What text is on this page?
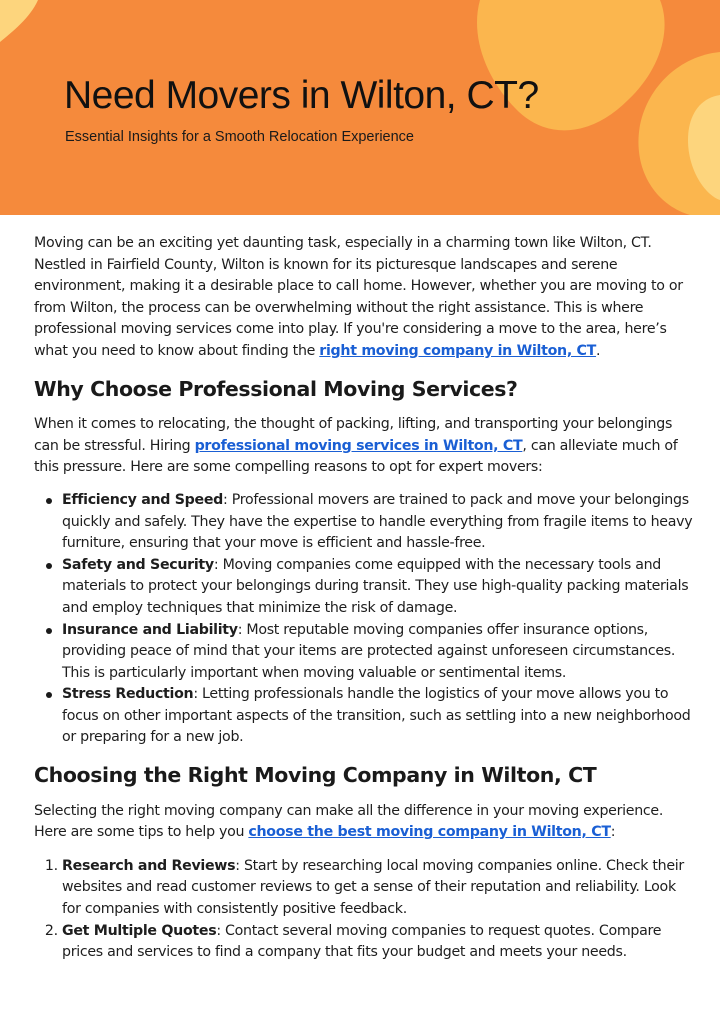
Need Movers in Wilton, CT?

Essential Insights for a Smooth Relocation Experience

Moving can be an exciting yet daunting task, especially in a charming town like Wilton, CT. Nestled in Fairfield County, Wilton is known for its picturesque landscapes and serene environment, making it a desirable place to call home. However, whether you are moving to or from Wilton, the process can be overwhelming without the right assistance. This is where professional moving services come into play. If you're considering a move to the area, here’s what you need to know about finding the right moving company in Wilton, CT.

Why Choose Professional Moving Services?

When it comes to relocating, the thought of packing, lifting, and transporting your belongings can be stressful. Hiring professional moving services in Wilton, CT, can alleviate much of this pressure. Here are some compelling reasons to opt for expert movers:

Efficiency and Speed: Professional movers are trained to pack and move your belongings quickly and safely. They have the expertise to handle everything from fragile items to heavy furniture, ensuring that your move is efficient and hassle-free.
Safety and Security: Moving companies come equipped with the necessary tools and materials to protect your belongings during transit. They use high-quality packing materials and employ techniques that minimize the risk of damage.
Insurance and Liability: Most reputable moving companies offer insurance options, providing peace of mind that your items are protected against unforeseen circumstances. This is particularly important when moving valuable or sentimental items.
Stress Reduction: Letting professionals handle the logistics of your move allows you to focus on other important aspects of the transition, such as settling into a new neighborhood or preparing for a new job.
Choosing the Right Moving Company in Wilton, CT

Selecting the right moving company can make all the difference in your moving experience. Here are some tips to help you choose the best moving company in Wilton, CT:

1. Research and Reviews: Start by researching local moving companies online. Check their websites and read customer reviews to get a sense of their reputation and reliability. Look for companies with consistently positive feedback.
2. Get Multiple Quotes: Contact several moving companies to request quotes. Compare prices and services to find a company that fits your budget and meets your needs.
